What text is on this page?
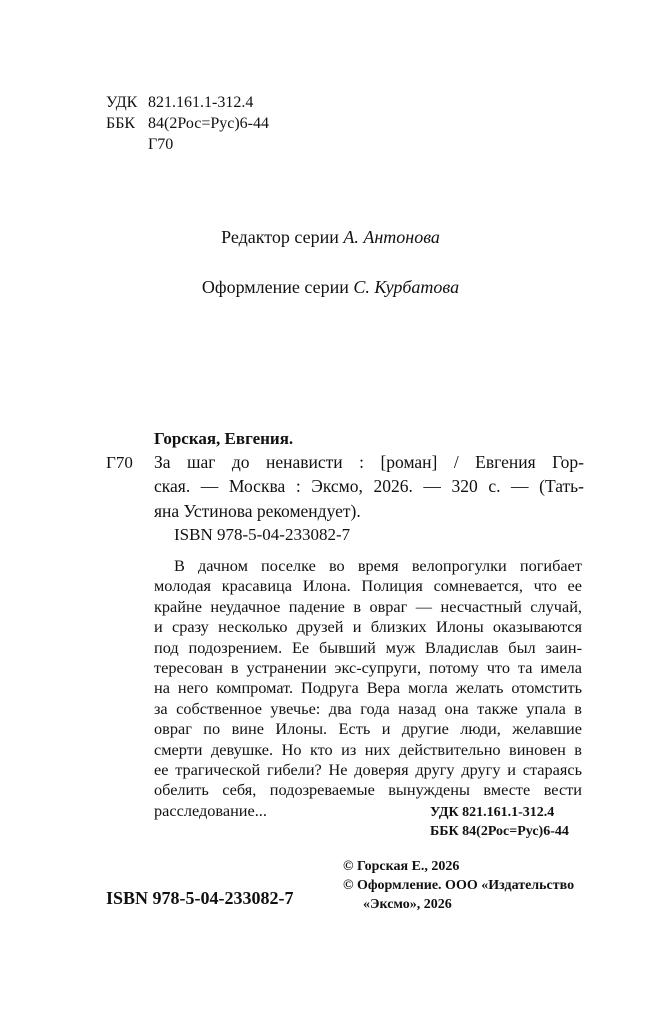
УДК 821.161.1-312.4
ББК 84(2Рос=Рус)6-44
Г70
Редактор серии А. Антонова
Оформление серии С. Курбатова
Горская, Евгения.
Г70 За шаг до ненависти : [роман] / Евгения Гор-
ская. — Москва : Эксмо, 2026. — 320 с. — (Тать-
яна Устинова рекомендует).
ISBN 978-5-04-233082-7
В дачном поселке во время велопрогулки погибает
молодая красавица Илона. Полиция сомневается, что ее
крайне неудачное падение в овраг — несчастный случай,
и сразу несколько друзей и близких Илоны оказываются
под подозрением. Ее бывший муж Владислав был заин-
тересован в устранении экс-супруги, потому что та имела
на него компромат. Подруга Вера могла желать отомстить
за собственное увечье: два года назад она также упала в
овраг по вине Илоны. Есть и другие люди, желавшие
смерти девушке. Но кто из них действительно виновен в
ее трагической гибели? Не доверяя другу другу и стараясь
обелить себя, подозреваемые вынуждены вместе вести
расследование...	УДК 821.161.1-312.4
ББК 84(2Рос=Рус)6-44
ISBN 978-5-04-233082-7
© Горская Е., 2026
© Оформление. ООО «Издательство
«Эксмо», 2026
